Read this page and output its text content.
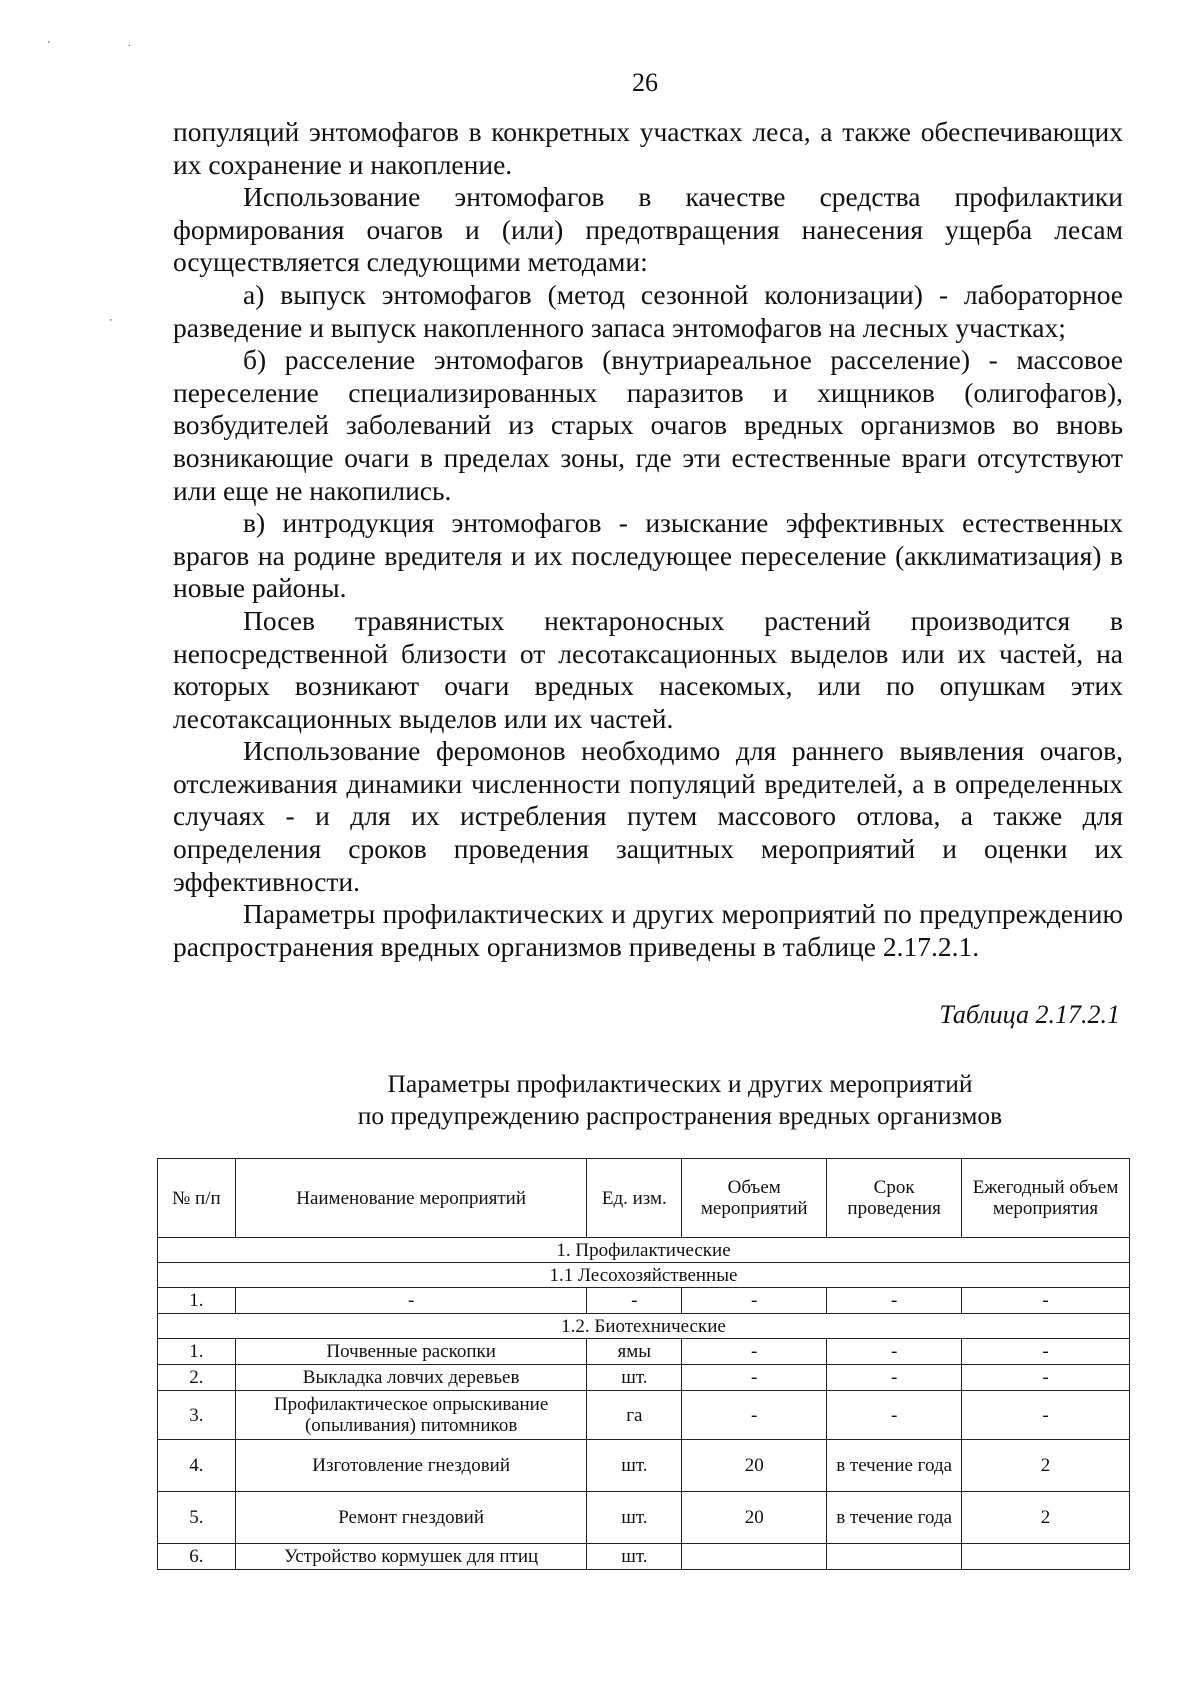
'	.
'
26

популяций энтомофагов в конкретных участках леса, а также обеспечивающих их сохранение и накопление.

Использование энтомофагов в качестве средства профилактики формирования очагов и (или) предотвращения нанесения ущерба лесам осуществляется следующими методами:

а) выпуск энтомофагов (метод сезонной колонизации) - лабораторное разведение и выпуск накопленного запаса энтомофагов на лесных участках;

б) расселение энтомофагов (внутриареальное расселение) - массовое переселение специализированных паразитов и хищников (олигофагов), возбудителей заболеваний из старых очагов вредных организмов во вновь возникающие очаги в пределах зоны, где эти естественные враги отсутствуют или еще не накопились.

в) интродукция энтомофагов - изыскание эффективных естественных врагов на родине вредителя и их последующее переселение (акклиматизация) в новые районы.

Посев травянистых нектароносных растений производится в непосредственной близости от лесотаксационных выделов или их частей, на которых возникают очаги вредных насекомых, или по опушкам этих лесотаксационных выделов или их частей.

Использование феромонов необходимо для раннего выявления очагов, отслеживания динамики численности популяций вредителей, а в определенных случаях - и для их истребления путем массового отлова, а также для определения сроков проведения защитных мероприятий и оценки их эффективности.

Параметры профилактических и других мероприятий по предупреждению распространения вредных организмов приведены в таблице 2.17.2.1.

Таблица 2.17.2.1
Параметры профилактических и других мероприятий
по предупреждению распространения вредных организмов
№ п/п	Наименование мероприятий	Ед. изм.	Объем мероприятий	Срок проведения	Ежегодный объем мероприятия
1. Профилактические					
1.1 Лесохозяйственные					
1.	-	-	-	-	-
1.2. Биотехнические					
1.	Почвенные раскопки	ямы	-	-	-
2.	Выкладка ловчих деревьев	шт.	-	-	-
3.	Профилактическое опрыскивание (опыливания) питомников	га	-	-	-
4.	Изготовление гнездовий	шт.	20	в течение года	2
5.	Ремонт гнездовий	шт.	20	в течение года	2
6.	Устройство кормушек для птиц	шт.			
